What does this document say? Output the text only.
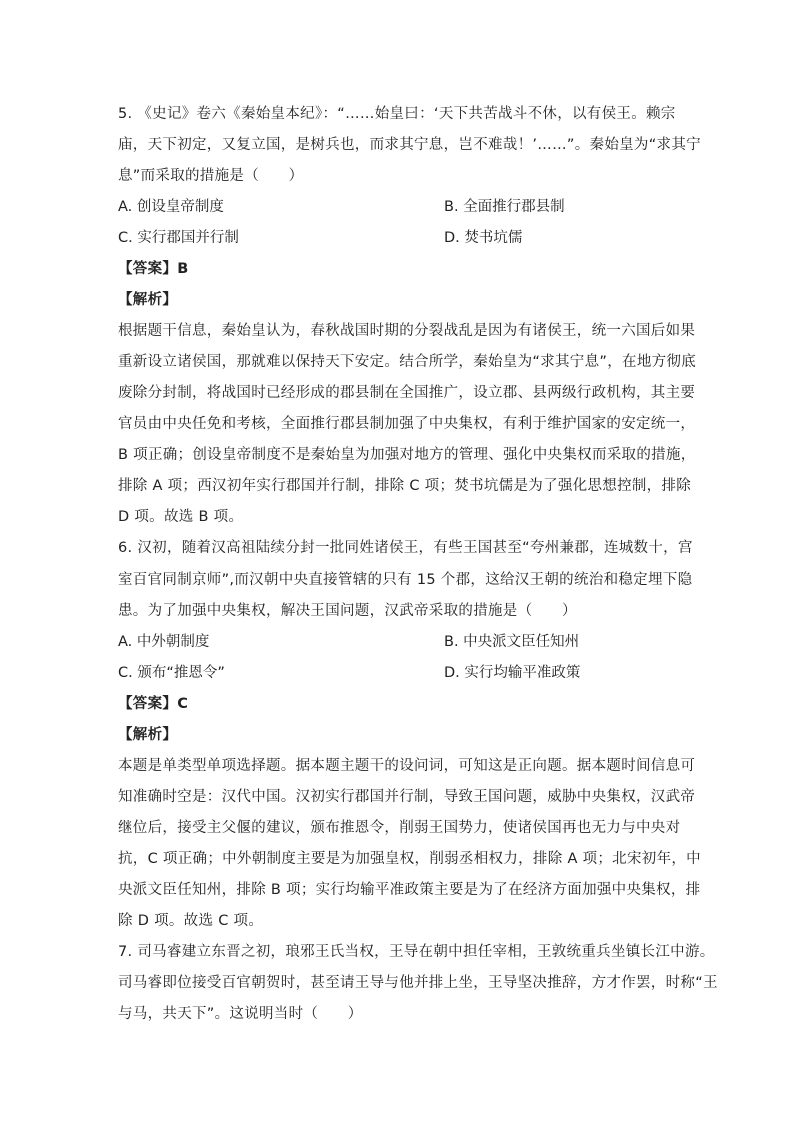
5. 《史记》卷六《秦始皇本纪》：“……始皇曰：‘天下共苦战斗不休，以有侯王。赖宗
庙，天下初定，又复立国，是树兵也，而求其宁息，岂不难哉！’……”。秦始皇为“求其宁
息”而采取的措施是（　　）
A. 创设皇帝制度	B. 全面推行郡县制
C. 实行郡国并行制	D. 焚书坑儒
【答案】B
【解析】
根据题干信息，秦始皇认为，春秋战国时期的分裂战乱是因为有诸侯王，统一六国后如果
重新设立诸侯国，那就难以保持天下安定。结合所学，秦始皇为“求其宁息”，在地方彻底
废除分封制，将战国时已经形成的郡县制在全国推广，设立郡、县两级行政机构，其主要
官员由中央任免和考核，全面推行郡县制加强了中央集权，有利于维护国家的安定统一，
B 项正确；创设皇帝制度不是秦始皇为加强对地方的管理、强化中央集权而采取的措施，
排除 A 项；西汉初年实行郡国并行制，排除 C 项；焚书坑儒是为了强化思想控制，排除
D 项。故选 B 项。
6. 汉初，随着汉高祖陆续分封一批同姓诸侯王，有些王国甚至“夸州兼郡，连城数十，宫
室百官同制京师”,而汉朝中央直接管辖的只有 15 个郡，这给汉王朝的统治和稳定埋下隐
患。为了加强中央集权，解决王国问题，汉武帝采取的措施是（　　）
A. 中外朝制度	B. 中央派文臣任知州
C. 颁布“推恩令”	D. 实行均输平准政策
【答案】C
【解析】
本题是单类型单项选择题。据本题主题干的设问词，可知这是正向题。据本题时间信息可
知准确时空是：汉代中国。汉初实行郡国并行制，导致王国问题，威胁中央集权，汉武帝
继位后，接受主父偃的建议，颁布推恩令，削弱王国势力，使诸侯国再也无力与中央对
抗，C 项正确；中外朝制度主要是为加强皇权，削弱丞相权力，排除 A 项；北宋初年，中
央派文臣任知州，排除 B 项；实行均输平准政策主要是为了在经济方面加强中央集权，排
除 D 项。故选 C 项。
7. 司马睿建立东晋之初，琅邪王氏当权，王导在朝中担任宰相，王敦统重兵坐镇长江中游。
司马睿即位接受百官朝贺时，甚至请王导与他并排上坐，王导坚决推辞，方才作罢，时称“王
与马，共天下”。这说明当时（　　）
